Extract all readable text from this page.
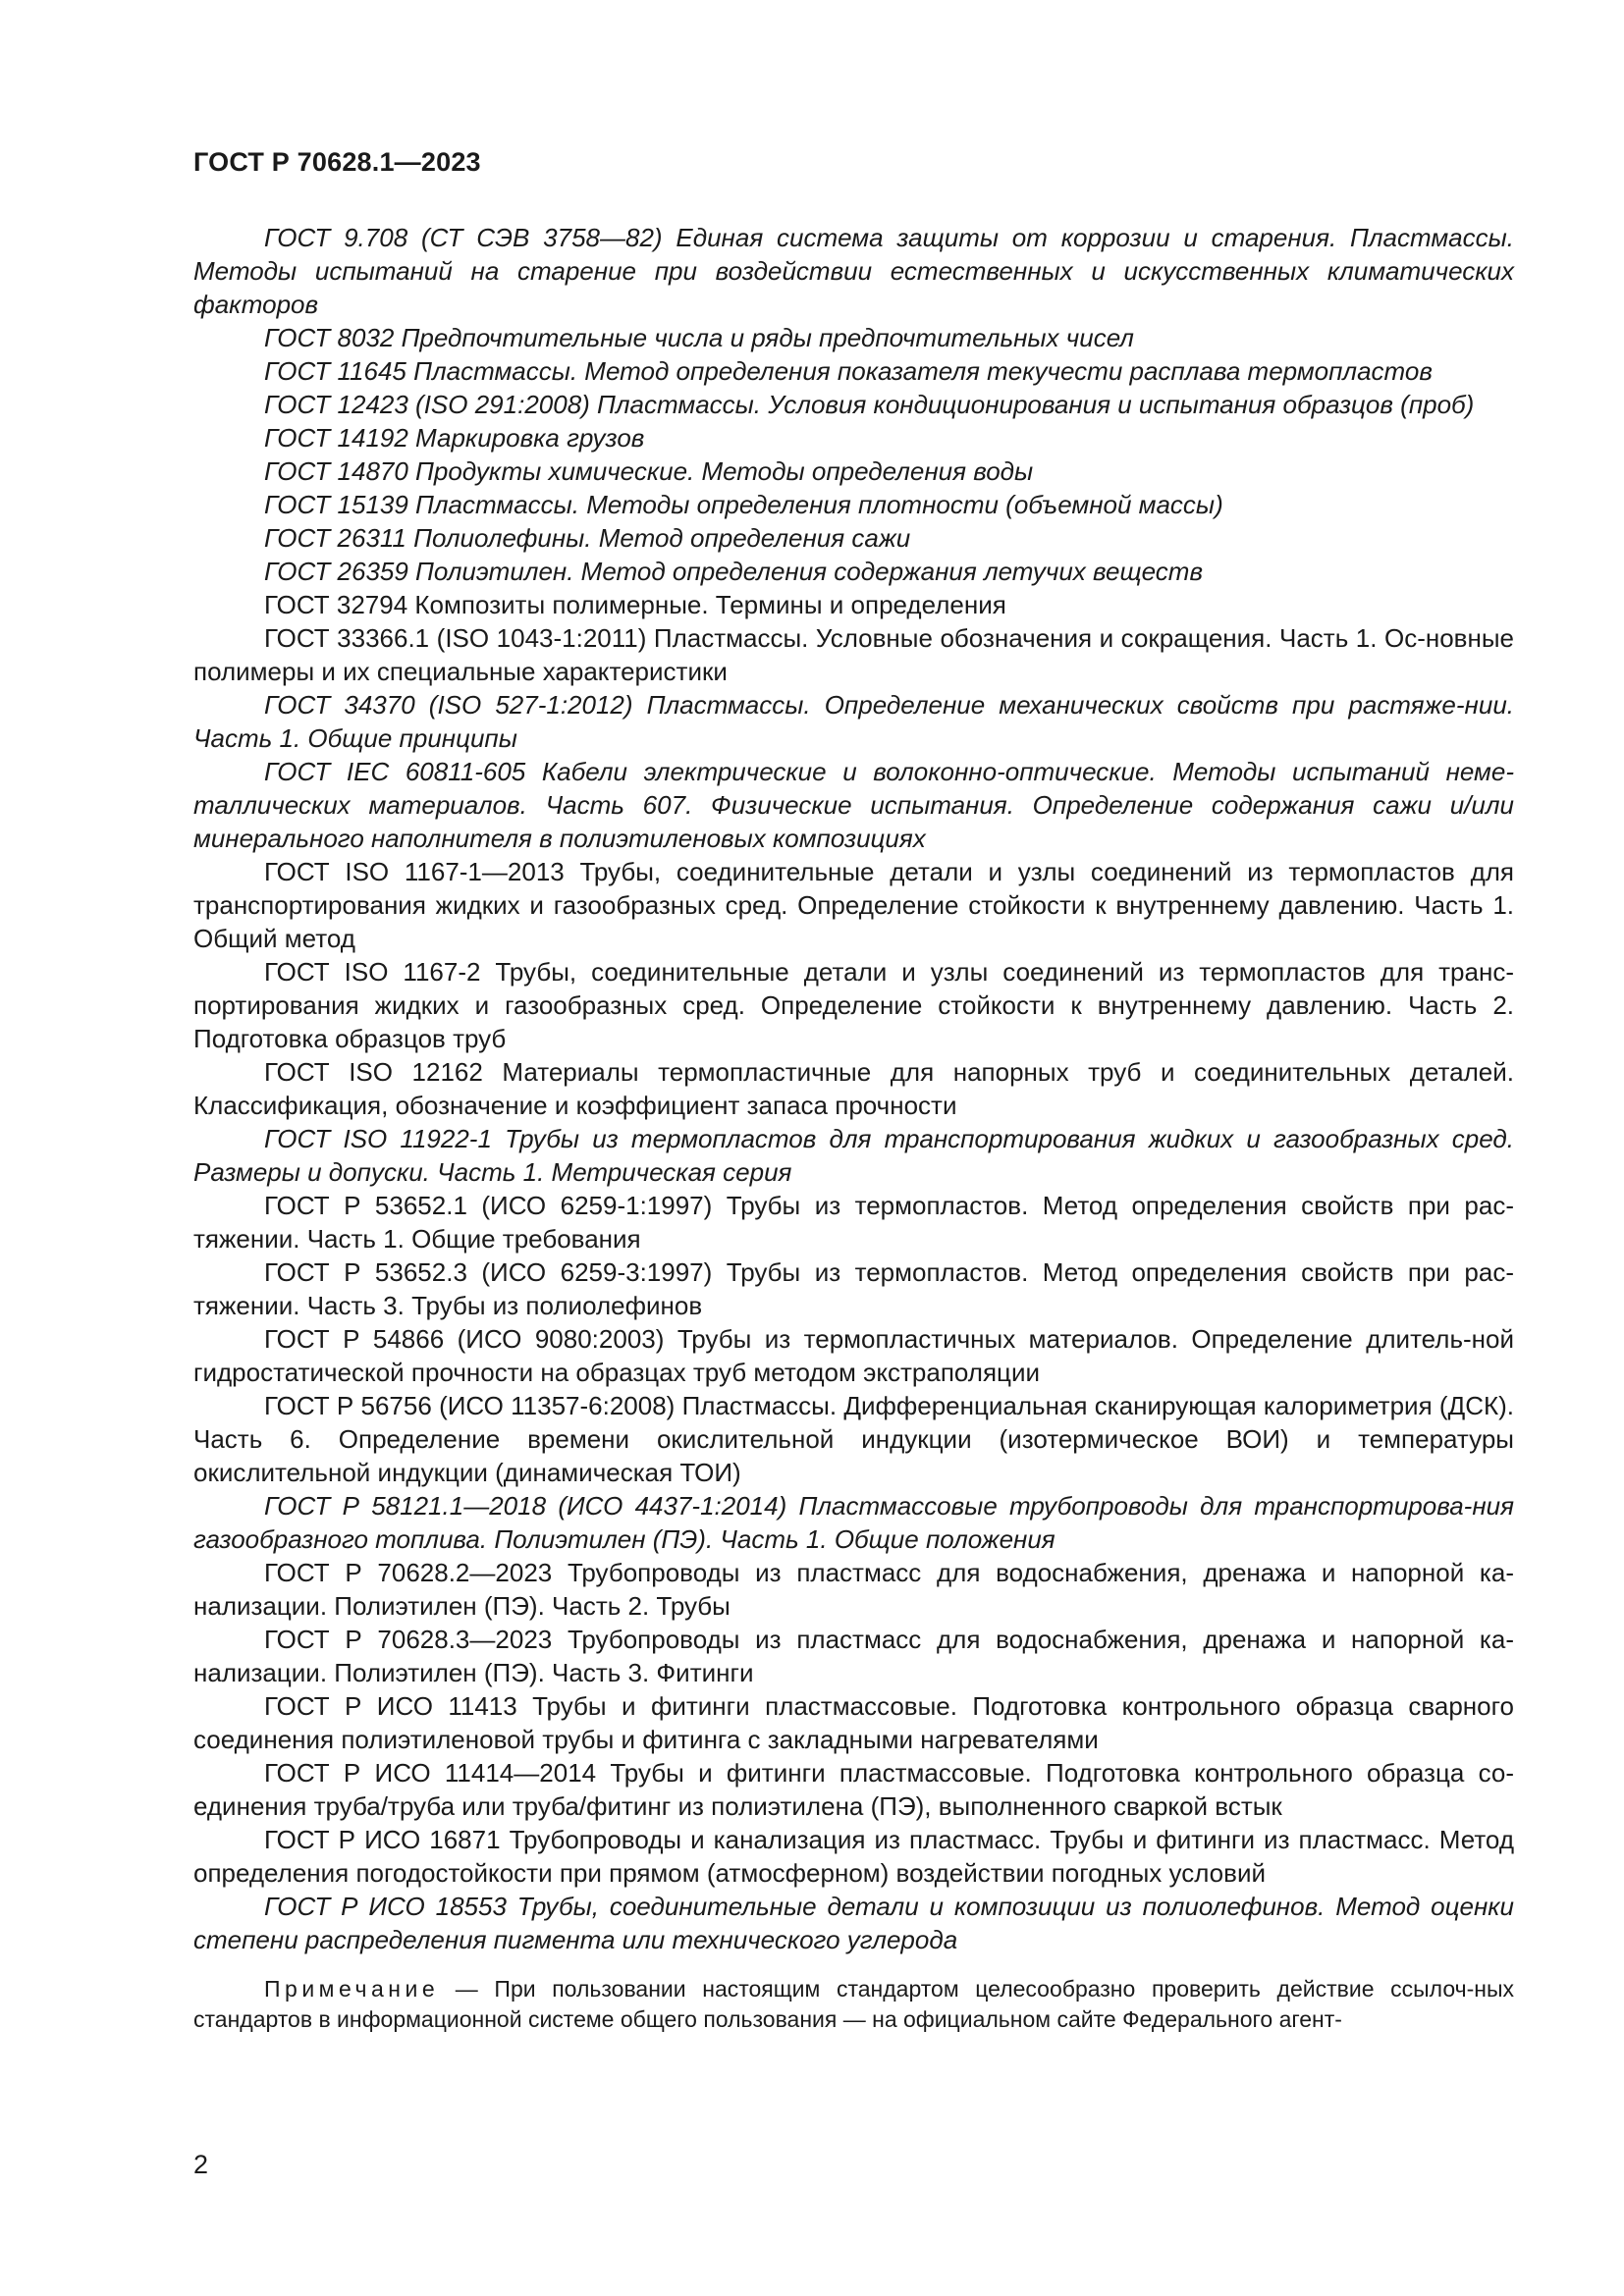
ГОСТ Р 70628.1—2023

ГОСТ 9.708 (СТ СЭВ 3758—82) Единая система защиты от коррозии и старения. Пластмассы. Методы испытаний на старение при воздействии естественных и искусственных климатических факторов

ГОСТ 8032 Предпочтительные числа и ряды предпочтительных чисел

ГОСТ 11645 Пластмассы. Метод определения показателя текучести расплава термопластов

ГОСТ 12423 (ISO 291:2008) Пластмассы. Условия кондиционирования и испытания образцов (проб)

ГОСТ 14192 Маркировка грузов

ГОСТ 14870 Продукты химические. Методы определения воды

ГОСТ 15139 Пластмассы. Методы определения плотности (объемной массы)

ГОСТ 26311 Полиолефины. Метод определения сажи

ГОСТ 26359 Полиэтилен. Метод определения содержания летучих веществ

ГОСТ 32794 Композиты полимерные. Термины и определения

ГОСТ 33366.1 (ISO 1043-1:2011) Пластмассы. Условные обозначения и сокращения. Часть 1. Ос-новные полимеры и их специальные характеристики

ГОСТ 34370 (ISO 527-1:2012) Пластмассы. Определение механических свойств при растяже-нии. Часть 1. Общие принципы

ГОСТ IEC 60811-605 Кабели электрические и волоконно-оптические. Методы испытаний неме-таллических материалов. Часть 607. Физические испытания. Определение содержания сажи и/или минерального наполнителя в полиэтиленовых композициях

ГОСТ ISO 1167-1—2013 Трубы, соединительные детали и узлы соединений из термопластов для транспортирования жидких и газообразных сред. Определение стойкости к внутреннему давлению. Часть 1. Общий метод

ГОСТ ISO 1167-2 Трубы, соединительные детали и узлы соединений из термопластов для транс-портирования жидких и газообразных сред. Определение стойкости к внутреннему давлению. Часть 2. Подготовка образцов труб

ГОСТ ISO 12162 Материалы термопластичные для напорных труб и соединительных деталей. Классификация, обозначение и коэффициент запаса прочности

ГОСТ ISO 11922-1 Трубы из термопластов для транспортирования жидких и газообразных сред. Размеры и допуски. Часть 1. Метрическая серия

ГОСТ Р 53652.1 (ИСО 6259-1:1997) Трубы из термопластов. Метод определения свойств при рас-тяжении. Часть 1. Общие требования

ГОСТ Р 53652.3 (ИСО 6259-3:1997) Трубы из термопластов. Метод определения свойств при рас-тяжении. Часть 3. Трубы из полиолефинов

ГОСТ Р 54866 (ИСО 9080:2003) Трубы из термопластичных материалов. Определение длитель-ной гидростатической прочности на образцах труб методом экстраполяции

ГОСТ Р 56756 (ИСО 11357-6:2008) Пластмассы. Дифференциальная сканирующая калориметрия (ДСК). Часть 6. Определение времени окислительной индукции (изотермическое ВОИ) и температуры окислительной индукции (динамическая ТОИ)

ГОСТ Р 58121.1—2018 (ИСО 4437-1:2014) Пластмассовые трубопроводы для транспортирова-ния газообразного топлива. Полиэтилен (ПЭ). Часть 1. Общие положения

ГОСТ Р 70628.2—2023 Трубопроводы из пластмасс для водоснабжения, дренажа и напорной ка-нализации. Полиэтилен (ПЭ). Часть 2. Трубы

ГОСТ Р 70628.3—2023 Трубопроводы из пластмасс для водоснабжения, дренажа и напорной ка-нализации. Полиэтилен (ПЭ). Часть 3. Фитинги

ГОСТ Р ИСО 11413 Трубы и фитинги пластмассовые. Подготовка контрольного образца сварного соединения полиэтиленовой трубы и фитинга с закладными нагревателями

ГОСТ Р ИСО 11414—2014 Трубы и фитинги пластмассовые. Подготовка контрольного образца со-единения труба/труба или труба/фитинг из полиэтилена (ПЭ), выполненного сваркой встык

ГОСТ Р ИСО 16871 Трубопроводы и канализация из пластмасс. Трубы и фитинги из пластмасс. Метод определения погодостойкости при прямом (атмосферном) воздействии погодных условий

ГОСТ Р ИСО 18553 Трубы, соединительные детали и композиции из полиолефинов. Метод оценки степени распределения пигмента или технического углерода

Примечание — При пользовании настоящим стандартом целесообразно проверить действие ссылоч-ных стандартов в информационной системе общего пользования — на официальном сайте Федерального агент-

2
